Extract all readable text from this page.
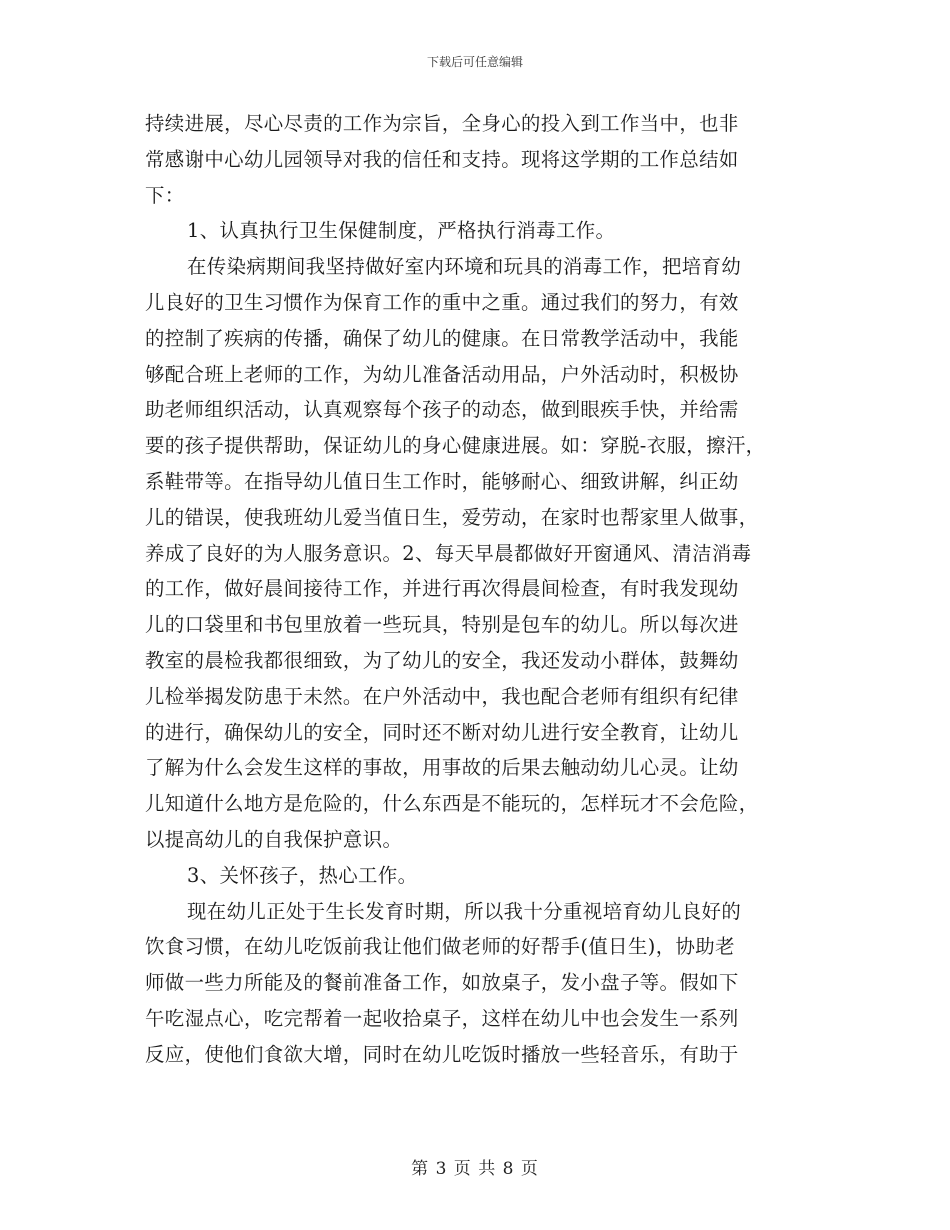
下载后可任意编辑
持续进展，尽心尽责的工作为宗旨，全身心的投入到工作当中，也非
常感谢中心幼儿园领导对我的信任和支持。现将这学期的工作总结如
下：
1、认真执行卫生保健制度，严格执行消毒工作。
在传染病期间我坚持做好室内环境和玩具的消毒工作，把培育幼
儿良好的卫生习惯作为保育工作的重中之重。通过我们的努力，有效
的控制了疾病的传播，确保了幼儿的健康。在日常教学活动中，我能
够配合班上老师的工作，为幼儿准备活动用品，户外活动时，积极协
助老师组织活动，认真观察每个孩子的动态，做到眼疾手快，并给需
要的孩子提供帮助，保证幼儿的身心健康进展。如：穿脱-衣服，擦汗，
系鞋带等。在指导幼儿值日生工作时，能够耐心、细致讲解，纠正幼
儿的错误，使我班幼儿爱当值日生，爱劳动，在家时也帮家里人做事，
养成了良好的为人服务意识。2、每天早晨都做好开窗通风、清洁消毒
的工作，做好晨间接待工作，并进行再次得晨间检查，有时我发现幼
儿的口袋里和书包里放着一些玩具，特别是包车的幼儿。所以每次进
教室的晨检我都很细致，为了幼儿的安全，我还发动小群体，鼓舞幼
儿检举揭发防患于未然。在户外活动中，我也配合老师有组织有纪律
的进行，确保幼儿的安全，同时还不断对幼儿进行安全教育，让幼儿
了解为什么会发生这样的事故，用事故的后果去触动幼儿心灵。让幼
儿知道什么地方是危险的，什么东西是不能玩的，怎样玩才不会危险，
以提高幼儿的自我保护意识。
3、关怀孩子，热心工作。
现在幼儿正处于生长发育时期，所以我十分重视培育幼儿良好的
饮食习惯，在幼儿吃饭前我让他们做老师的好帮手(值日生)，协助老
师做一些力所能及的餐前准备工作，如放桌子，发小盘子等。假如下
午吃湿点心，吃完帮着一起收拾桌子，这样在幼儿中也会发生一系列
反应，使他们食欲大增，同时在幼儿吃饭时播放一些轻音乐，有助于
第 3 页 共 8 页
